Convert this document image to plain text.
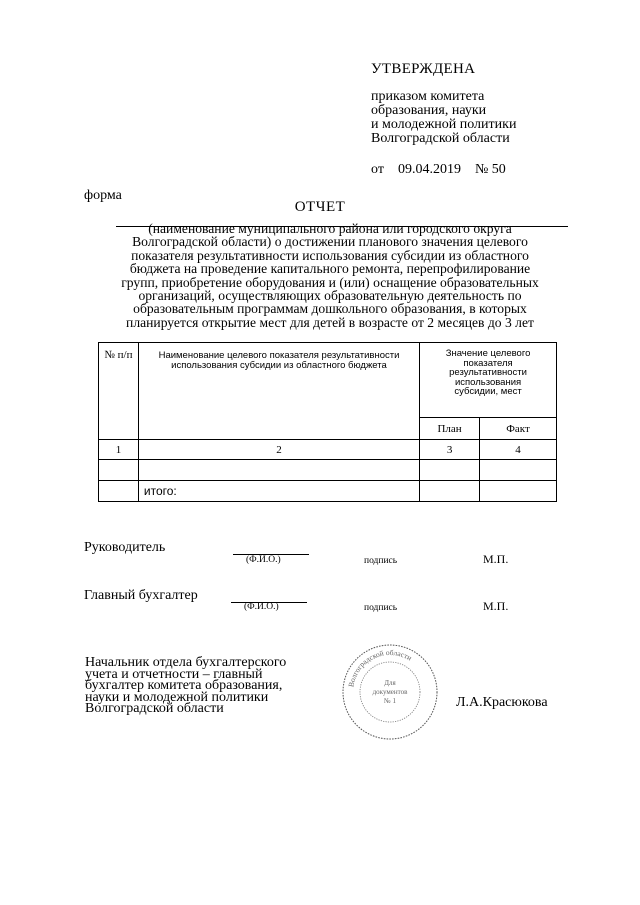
УТВЕРЖДЕНА
приказом комитета
образования, науки
и молодежной политики
Волгоградской области
от 09.04.2019 № 50
форма
ОТЧЕТ
(наименование муниципального района или городского округа
Волгоградской области) о достижении планового значения целевого
показателя результативности использования субсидии из областного
бюджета на проведение капитального ремонта, перепрофилирование
групп, приобретение оборудования и (или) оснащение образовательных
организаций, осуществляющих образовательную деятельность по
образовательным программам дошкольного образования, в которых
планируется открытие мест для детей в возрасте от 2 месяцев до 3 лет
№ п/п	Наименование целевого показателя результативности использования субсидии из областного бюджета	Значение целевого показателя результативности использования субсидии, мест	
		План	Факт
1	2	3	4

	итого:		
Руководитель
(Ф.И.О.)	подпись	М.П.
Главный бухгалтер
(Ф.И.О.)	подпись	М.П.
Начальник отдела бухгалтерского
учета и отчетности – главный
бухгалтер комитета образования,
науки и молодежной политики
Волгоградской области	Л.А.Красюкова
Волгоградской области
Для
документов
№ 1
